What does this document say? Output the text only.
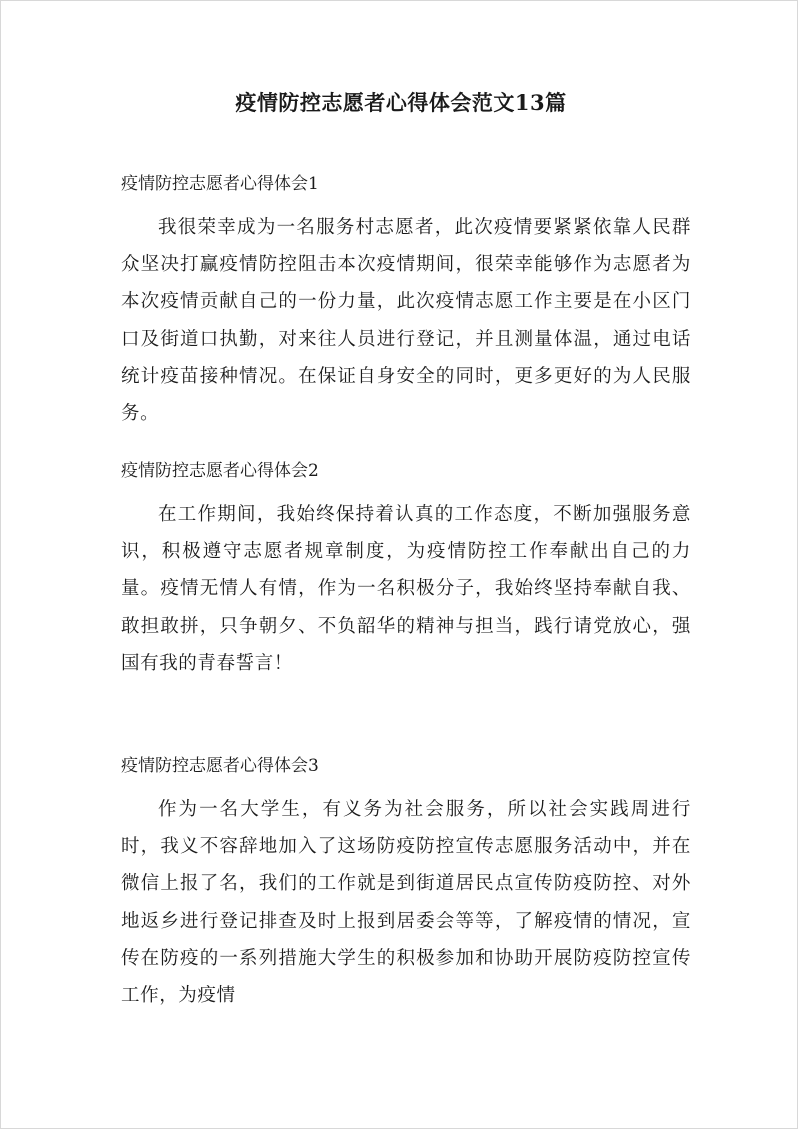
疫情防控志愿者心得体会范文13篇

疫情防控志愿者心得体会1

我很荣幸成为一名服务村志愿者，此次疫情要紧紧依靠人民群众坚决打赢疫情防控阻击本次疫情期间，很荣幸能够作为志愿者为本次疫情贡献自己的一份力量，此次疫情志愿工作主要是在小区门口及街道口执勤，对来往人员进行登记，并且测量体温，通过电话统计疫苗接种情况。在保证自身安全的同时，更多更好的为人民服务。

疫情防控志愿者心得体会2

在工作期间，我始终保持着认真的工作态度，不断加强服务意识，积极遵守志愿者规章制度，为疫情防控工作奉献出自己的力量。疫情无情人有情，作为一名积极分子，我始终坚持奉献自我、敢担敢拼，只争朝夕、不负韶华的精神与担当，践行请党放心，强国有我的青春誓言！

疫情防控志愿者心得体会3

作为一名大学生，有义务为社会服务，所以社会实践周进行时，我义不容辞地加入了这场防疫防控宣传志愿服务活动中，并在微信上报了名，我们的工作就是到街道居民点宣传防疫防控、对外地返乡进行登记排查及时上报到居委会等等，了解疫情的情况，宣传在防疫的一系列措施大学生的积极参加和协助开展防疫防控宣传工作，为疫情
